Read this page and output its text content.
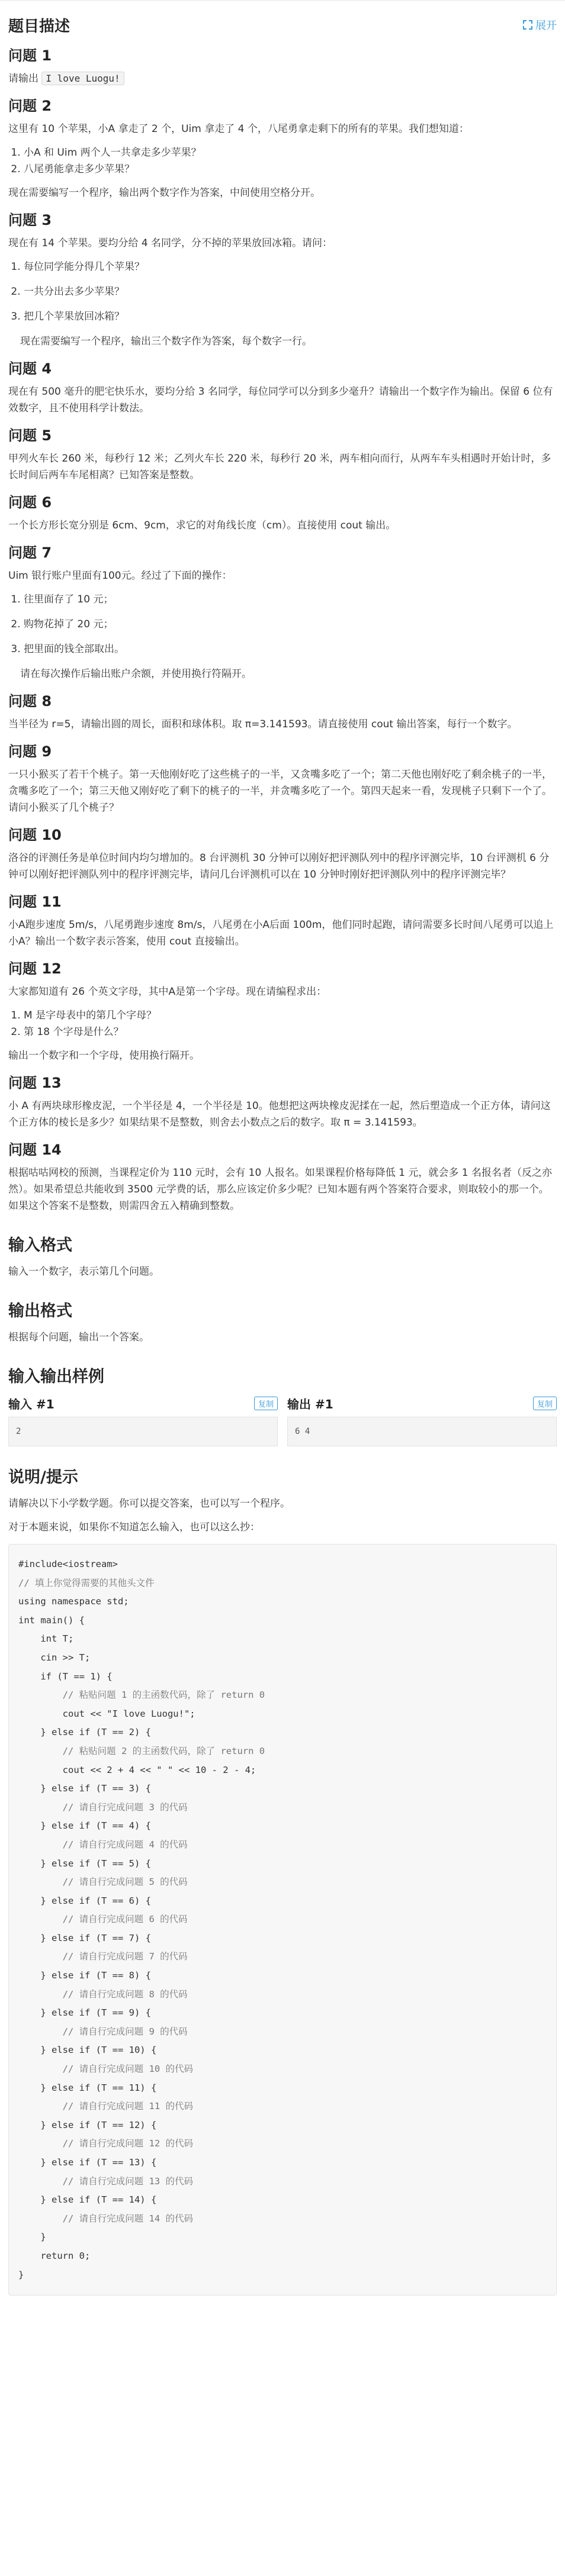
题目描述	展开
问题 1

请输出 I love Luogu!

问题 2

这里有 10 个苹果，小A 拿走了 2 个，Uim 拿走了 4 个，八尾勇拿走剩下的所有的苹果。我们想知道：

1. 小A 和 Uim 两个人一共拿走多少苹果？
2. 八尾勇能拿走多少苹果？

现在需要编写一个程序，输出两个数字作为答案，中间使用空格分开。

问题 3

现在有 14 个苹果。要均分给 4 名同学，分不掉的苹果放回冰箱。请问：

1. 每位同学能分得几个苹果？
2. 一共分出去多少苹果？
3. 把几个苹果放回冰箱？

现在需要编写一个程序，输出三个数字作为答案，每个数字一行。

问题 4

现在有 500 毫升的肥宅快乐水，要均分给 3 名同学，每位同学可以分到多少毫升？请输出一个数字作为输出。保留 6 位有效数字，且不使用科学计数法。

问题 5

甲列火车长 260 米，每秒行 12 米；乙列火车长 220 米，每秒行 20 米，两车相向而行，从两车车头相遇时开始计时，多长时间后两车车尾相离？已知答案是整数。

问题 6

一个长方形长宽分别是 6cm、9cm，求它的对角线长度（cm）。直接使用 cout 输出。

问题 7

Uim 银行账户里面有100元。经过了下面的操作：

1. 往里面存了 10 元；
2. 购物花掉了 20 元；
3. 把里面的钱全部取出。

请在每次操作后输出账户余额，并使用换行符隔开。

问题 8

当半径为 r=5，请输出圆的周长，面积和球体积。取 π=3.141593。请直接使用 cout 输出答案，每行一个数字。

问题 9

一只小猴买了若干个桃子。第一天他刚好吃了这些桃子的一半，又贪嘴多吃了一个；第二天他也刚好吃了剩余桃子的一半，贪嘴多吃了一个；第三天他又刚好吃了剩下的桃子的一半，并贪嘴多吃了一个。第四天起来一看，发现桃子只剩下一个了。请问小猴买了几个桃子？

问题 10

洛谷的评测任务是单位时间内均匀增加的。8 台评测机 30 分钟可以刚好把评测队列中的程序评测完毕，10 台评测机 6 分钟可以刚好把评测队列中的程序评测完毕，请问几台评测机可以在 10 分钟时刚好把评测队列中的程序评测完毕？

问题 11

小A跑步速度 5m/s，八尾勇跑步速度 8m/s，八尾勇在小A后面 100m，他们同时起跑，请问需要多长时间八尾勇可以追上小A？输出一个数字表示答案，使用 cout 直接输出。

问题 12

大家都知道有 26 个英文字母，其中A是第一个字母。现在请编程求出：

1. M 是字母表中的第几个字母？
2. 第 18 个字母是什么？

输出一个数字和一个字母，使用换行隔开。

问题 13

小 A 有两块球形橡皮泥，一个半径是 4，一个半径是 10。他想把这两块橡皮泥揉在一起，然后塑造成一个正方体，请问这个正方体的棱长是多少？如果结果不是整数，则舍去小数点之后的数字。取 π = 3.141593。

问题 14

根据咕咕网校的预测，当课程定价为 110 元时，会有 10 人报名。如果课程价格每降低 1 元，就会多 1 名报名者（反之亦然）。如果希望总共能收到 3500 元学费的话，那么应该定价多少呢？已知本题有两个答案符合要求，则取较小的那一个。如果这个答案不是整数，则需四舍五入精确到整数。

输入格式

输入一个数字，表示第几个问题。

输出格式

根据每个问题，输出一个答案。

输入输出样例
输入 #1	复制
2
输出 #1	复制
6 4
说明/提示

请解决以下小学数学题。你可以提交答案，也可以写一个程序。

对于本题来说，如果你不知道怎么输入，也可以这么抄：

#include<iostream>
// 填上你觉得需要的其他头文件
using namespace std;
int main() {
int T;
cin >> T;
if (T == 1) {
// 粘贴问题 1 的主函数代码，除了 return 0
cout << "I love Luogu!";
} else if (T == 2) {
// 粘贴问题 2 的主函数代码，除了 return 0
cout << 2 + 4 << " " << 10 - 2 - 4;
} else if (T == 3) {
// 请自行完成问题 3 的代码
} else if (T == 4) {
// 请自行完成问题 4 的代码
} else if (T == 5) {
// 请自行完成问题 5 的代码
} else if (T == 6) {
// 请自行完成问题 6 的代码
} else if (T == 7) {
// 请自行完成问题 7 的代码
} else if (T == 8) {
// 请自行完成问题 8 的代码
} else if (T == 9) {
// 请自行完成问题 9 的代码
} else if (T == 10) {
// 请自行完成问题 10 的代码
} else if (T == 11) {
// 请自行完成问题 11 的代码
} else if (T == 12) {
// 请自行完成问题 12 的代码
} else if (T == 13) {
// 请自行完成问题 13 的代码
} else if (T == 14) {
// 请自行完成问题 14 的代码
}
return 0;
}
